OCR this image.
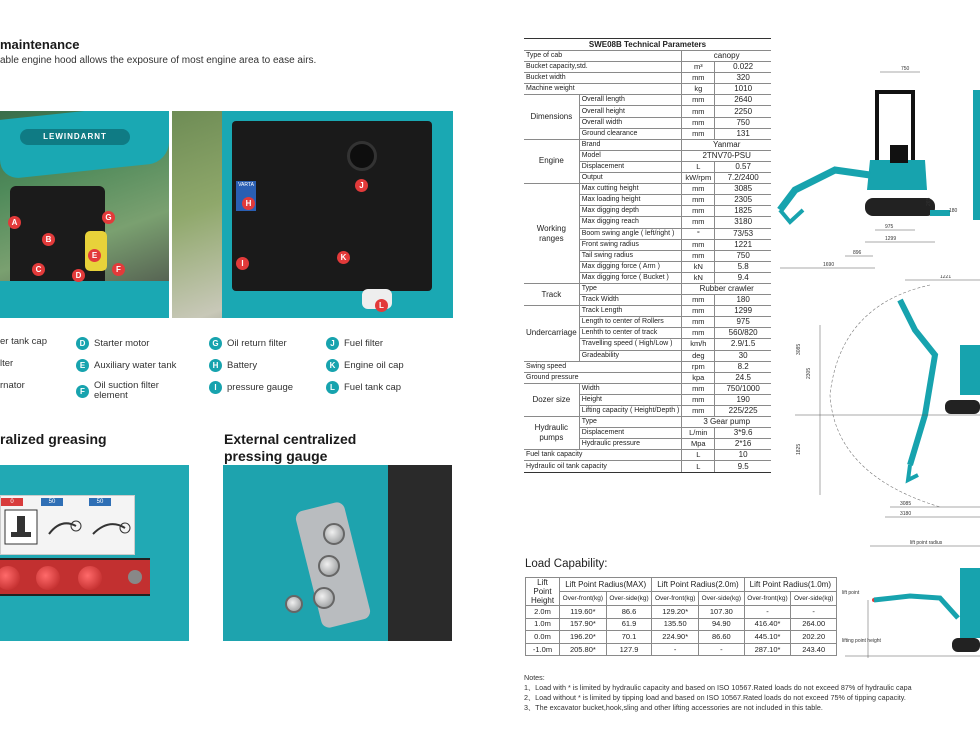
maintenance
able engine hood allows the exposure of most engine area to ease airs.
LEWINDARNT
A
B
C
D
E
F
G
VARTA
H
I
J
K
L
er tank cap	D Starter motor	G Oil return filter	J Fuel filter
lter	E Auxiliary water tank	H Battery	K Engine oil cap
rnator	F Oil suction filter element
I	pressure gauge	L Fuel tank cap
ralized greasing	External centralized
pressing gauge
0	50	50
SWE08B Technical Parameters			
Type of cab		canopy	
Bucket capacity,std.		m³	0.022
Bucket width		mm	320
Machine weight		kg	1010
Dimensions	Overall length	mm	2640
	Overall height	mm	2250
	Overall width	mm	750
	Ground clearance	mm	131
Engine	Brand	Yanmar	
	Model	2TNV70-PSU	
	Displacement	L	0.57
	Output	kW/rpm	7.2/2400
Working ranges	Max cutting height	mm	3085
	Max loading height	mm	2305
	Max digging depth	mm	1825
	Max digging reach	mm	3180
	Boom swing angle ( left/right )	°	73/53
	Front swing radius	mm	1221
	Tail swing radius	mm	750
	Max digging force ( Arm )	kN	5.8
	Max digging force ( Bucket )	kN	9.4
Track	Type	Rubber crawler	
	Track Width	mm	180
Undercarriage	Track Length	mm	1299
	Length to center of Rollers	mm	975
	Lenhth to center of track	mm	560/820
	Travelling speed ( High/Low )	km/h	2.9/1.5
	Gradeability	deg	30
Swing speed		rpm	8.2
Ground pressure		kpa	24.5
Dozer size	Width	mm	750/1000
	Height	mm	190
	Lifting capacity ( Height/Depth )	mm	225/225
Hydraulic pumps	Type	3 Gear pump	
	Displacement	L/min	3*9.6
	Hydraulic pressure	Mpa	2*16
Fuel tank capacity		L	10
Hydraulic oil tank capacity		L	9.5
750
180
975
1299
896
1690
265
1221
3085
2305
1825
3085
3180
lift point radius
lift point
lifting point height
Load Capability:
Lift Point Height	Lift Point Radius(MAX)		Lift Point Radius(2.0m)		Lift Point Radius(1.0m)	
	Over-front(kg)	Over-side(kg)	Over-front(kg)	Over-side(kg)	Over-front(kg)	Over-side(kg)
2.0m	119.60*	86.6	129.20*	107.30	-	-
1.0m	157.90*	61.9	135.50	94.90	416.40*	264.00
0.0m	196.20*	70.1	224.90*	86.60	445.10*	202.20
-1.0m	205.80*	127.9	-	-	287.10*	243.40
Notes:
1、Load with * is limited by hydraulic capacity and based on ISO 10567.Rated loads do not exceed 87% of hydraulic capa
2、Load without * is limited by tipping load and based on ISO 10567.Rated loads do not exceed 75% of tipping capacity.
3、The excavator bucket,hook,sling and other lifting accessories are not included in this table.
